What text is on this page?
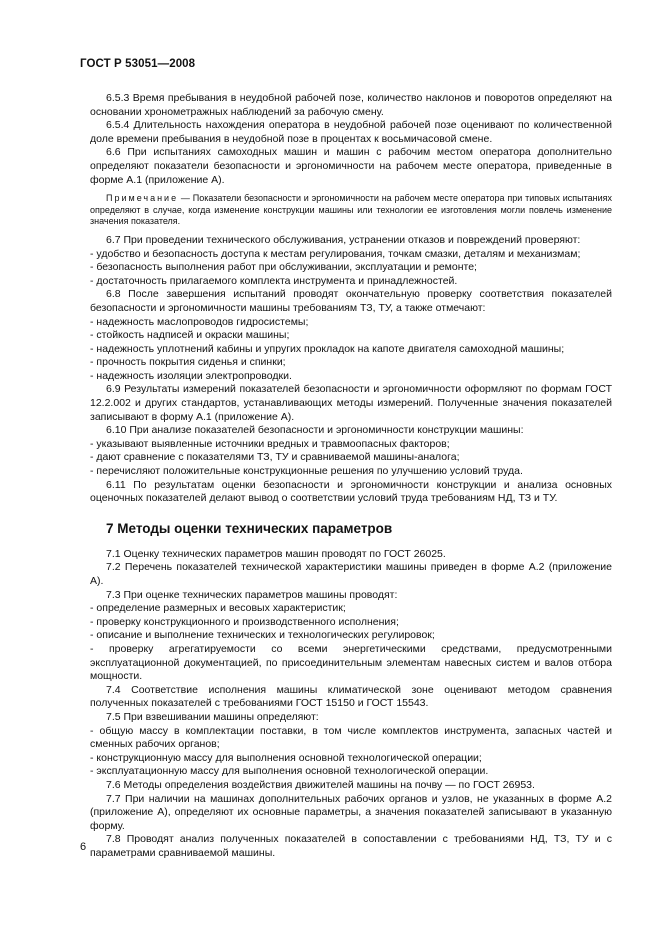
ГОСТ Р 53051—2008

6.5.3 Время пребывания в неудобной рабочей позе, количество наклонов и поворотов определяют на основании хронометражных наблюдений за рабочую смену.

6.5.4 Длительность нахождения оператора в неудобной рабочей позе оценивают по количественной доле времени пребывания в неудобной позе в процентах к восьмичасовой смене.

6.6 При испытаниях самоходных машин и машин с рабочим местом оператора дополнительно определяют показатели безопасности и эргономичности на рабочем месте оператора, приведенные в форме А.1 (приложение А).

Примечание — Показатели безопасности и эргономичности на рабочем месте оператора при типовых испытаниях определяют в случае, когда изменение конструкции машины или технологии ее изготовления могли повлечь изменение значения показателя.

6.7 При проведении технического обслуживания, устранении отказов и повреждений проверяют:

- удобство и безопасность доступа к местам регулирования, точкам смазки, деталям и механизмам;

- безопасность выполнения работ при обслуживании, эксплуатации и ремонте;

- достаточность прилагаемого комплекта инструмента и принадлежностей.

6.8 После завершения испытаний проводят окончательную проверку соответствия показателей безопасности и эргономичности машины требованиям ТЗ, ТУ, а также отмечают:

- надежность маслопроводов гидросистемы;

- стойкость надписей и окраски машины;

- надежность уплотнений кабины и упругих прокладок на капоте двигателя самоходной машины;

- прочность покрытия сиденья и спинки;

- надежность изоляции электропроводки.

6.9 Результаты измерений показателей безопасности и эргономичности оформляют по формам ГОСТ 12.2.002 и других стандартов, устанавливающих методы измерений. Полученные значения показателей записывают в форму А.1 (приложение А).

6.10 При анализе показателей безопасности и эргономичности конструкции машины:

- указывают выявленные источники вредных и травмоопасных факторов;

- дают сравнение с показателями ТЗ, ТУ и сравниваемой машины-аналога;

- перечисляют положительные конструкционные решения по улучшению условий труда.

6.11 По результатам оценки безопасности и эргономичности конструкции и анализа основных оценочных показателей делают вывод о соответствии условий труда требованиям НД, ТЗ и ТУ.

7 Методы оценки технических параметров

7.1 Оценку технических параметров машин проводят по ГОСТ 26025.

7.2 Перечень показателей технической характеристики машины приведен в форме А.2 (приложение А).

7.3 При оценке технических параметров машины проводят:

- определение размерных и весовых характеристик;

- проверку конструкционного и производственного исполнения;

- описание и выполнение технических и технологических регулировок;

- проверку агрегатируемости со всеми энергетическими средствами, предусмотренными эксплуатационной документацией, по присоединительным элементам навесных систем и валов отбора мощности.

7.4 Соответствие исполнения машины климатической зоне оценивают методом сравнения полученных показателей с требованиями ГОСТ 15150 и ГОСТ 15543.

7.5 При взвешивании машины определяют:

- общую массу в комплектации поставки, в том числе комплектов инструмента, запасных частей и сменных рабочих органов;

- конструкционную массу для выполнения основной технологической операции;

- эксплуатационную массу для выполнения основной технологической операции.

7.6 Методы определения воздействия движителей машины на почву — по ГОСТ 26953.

7.7 При наличии на машинах дополнительных рабочих органов и узлов, не указанных в форме А.2 (приложение А), определяют их основные параметры, а значения показателей записывают в указанную форму.

7.8 Проводят анализ полученных показателей в сопоставлении с требованиями НД, ТЗ, ТУ и с параметрами сравниваемой машины.

6
